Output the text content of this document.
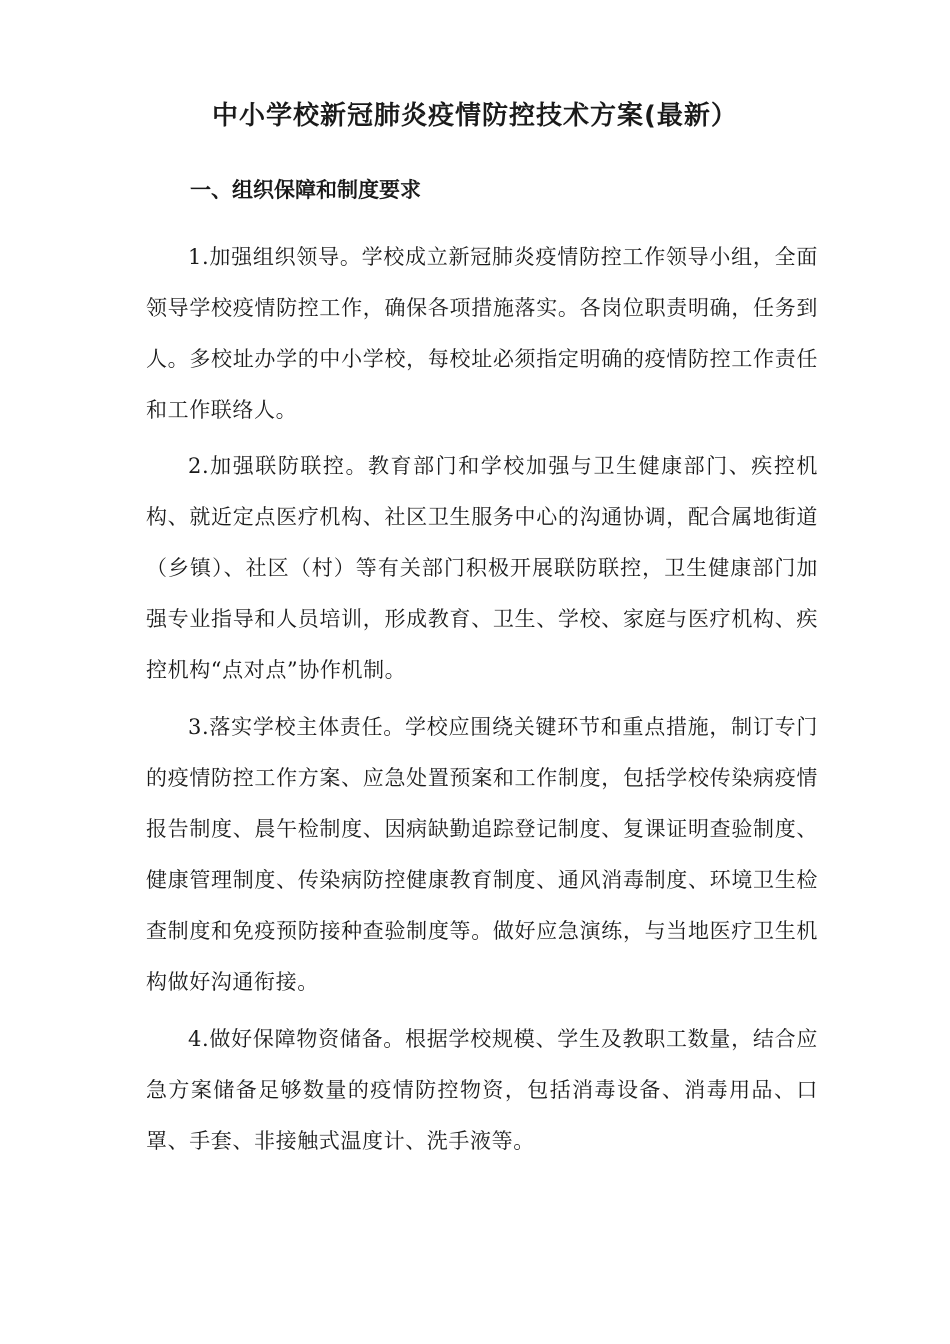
中小学校新冠肺炎疫情防控技术方案(最新）
一、组织保障和制度要求

1.加强组织领导。学校成立新冠肺炎疫情防控工作领导小组，全面领导学校疫情防控工作，确保各项措施落实。各岗位职责明确，任务到人。多校址办学的中小学校，每校址必须指定明确的疫情防控工作责任和工作联络人。

2.加强联防联控。教育部门和学校加强与卫生健康部门、疾控机构、就近定点医疗机构、社区卫生服务中心的沟通协调，配合属地街道（乡镇）、社区（村）等有关部门积极开展联防联控，卫生健康部门加强专业指导和人员培训，形成教育、卫生、学校、家庭与医疗机构、疾控机构“点对点”协作机制。

3.落实学校主体责任。学校应围绕关键环节和重点措施，制订专门的疫情防控工作方案、应急处置预案和工作制度，包括学校传染病疫情报告制度、晨午检制度、因病缺勤追踪登记制度、复课证明查验制度、健康管理制度、传染病防控健康教育制度、通风消毒制度、环境卫生检查制度和免疫预防接种查验制度等。做好应急演练，与当地医疗卫生机构做好沟通衔接。

4.做好保障物资储备。根据学校规模、学生及教职工数量，结合应急方案储备足够数量的疫情防控物资，包括消毒设备、消毒用品、口罩、手套、非接触式温度计、洗手液等。
